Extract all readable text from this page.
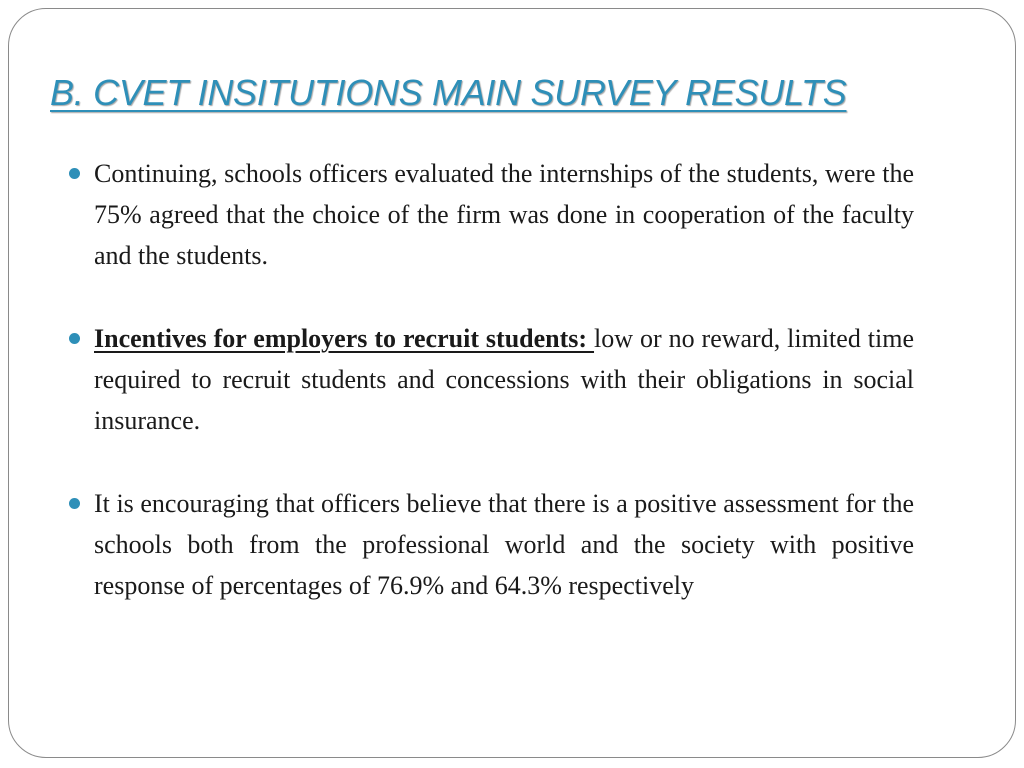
B. CVET INSITUTIONS MAIN SURVEY RESULTS
Continuing, schools officers evaluated the internships of the students, were the 75% agreed that the choice of the firm was done in cooperation of the faculty and the students.
Incentives for employers to recruit students: low or no reward, limited time required to recruit students and concessions with their obligations in social insurance.
It is encouraging that officers believe that there is a positive assessment for the schools both from the professional world and the society with positive response of percentages of 76.9% and 64.3% respectively
